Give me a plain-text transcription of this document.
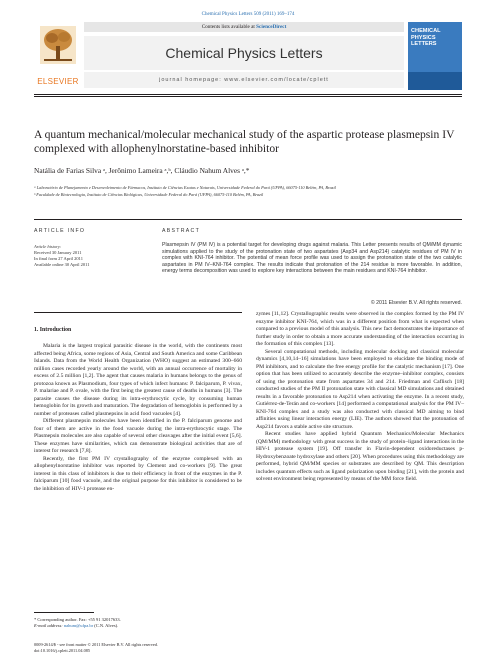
Chemical Physics Letters 509 (2011) 169–174
ELSEVIER
Contents lists available at ScienceDirect
Chemical Physics Letters
journal homepage: www.elsevier.com/locate/cplett
CHEMICAL PHYSICS LETTERS
A quantum mechanical/molecular mechanical study of the aspartic protease plasmepsin IV complexed with allophenylnorstatine-based inhibitor
Natália de Farias Silva ᵃ, Jerônimo Lameira ᵃ,ᵇ, Cláudio Nahum Alves ᵃ,*
ᵃ Laboratório de Planejamento e Desenvolvimento de Fármacos, Instituto de Ciências Exatas e Naturais, Universidade Federal do Pará (UFPA), 66075-110 Belém, PA, Brazil
ᵇ Faculdade de Biotecnologia, Instituto de Ciências Biológicas, Universidade Federal do Pará (UFPA), 66075-110 Belém, PA, Brazil
ARTICLE INFO
Article history:
Received 30 January 2011
In final form 27 April 2011
Available online 30 April 2011
ABSTRACT
Plasmepsin IV (PM IV) is a potential target for developing drugs against malaria. This Letter presents results of QM/MM dynamic simulations applied to the study of the protonation state of two aspartates (Asp34 and Asp214) catalytic residues of PM IV in complex with KNI-764 inhibitor. The potential of mean force profile was used to assign the protonation state of the two catalytic aspartates in PM IV–KNI-764 complex. The results indicate that protonation of the 214 residue is more favorable. In addition, energy terms decomposition was used to explore key interactions between the main residues and KNI-764 inhibitor.
© 2011 Elsevier B.V. All rights reserved.
1. Introduction

Malaria is the largest tropical parasitic disease in the world, with the continents most affected being Africa, some regions of Asia, Central and South America and some Caribbean Islands. Data from the World Health Organization (WHO) suggest an estimated 300–660 million cases recorded yearly around the world, with an annual occurrence of mortality in excess of 2.5 million [1,2]. The agent that causes malaria in humans belongs to the genus of protozoa known as Plasmodium, four types of which infect humans: P. falciparum, P. vivax, P. malariae and P. ovale, with the first being the greatest cause of deaths in humans [3]. The parasite causes the disease during its intra-erythrocytic cycle, by consuming human hemoglobin for its growth and maturation. The degradation of hemoglobin is performed by a number of proteases called plasmepsins in acid food vacuoles [4].

Different plasmepsin molecules have been identified in the P. falciparum genome and four of them are active in the food vacuole during the intra-erythrocytic stage. The Plasmepsin molecules are also capable of several other cleavages after the initial event [5,6]. These enzymes have similarities, which can demonstrate biological activities that are of interest for research [7,8].

Recently, the first PM IV crystallography of the enzyme complexed with an allophenylnorstatine inhibitor was reported by Clement and co-workers [9]. The great interest in this class of inhibitors is due to their efficiency in front of the enzymes in the P. falciparum [10] food vacuole, and the original purpose for this inhibitor is considered to be the inhibition of HIV-1 protease en-

zymes [11,12]. Crystallographic results were observed in the complex formed by the PM IV enzyme inhibitor KNI-764, which was in a different position from what is expected when compared to a previous model of this analysis. This new fact demonstrates the importance of further study in order to obtain a more accurate understanding of the interaction occurring in the formation of this complex [13].

Several computational methods, including molecular docking and classical molecular dynamics [4,10,14–16] simulations have been employed to elucidate the binding mode of PM inhibitors, and to calculate the free energy profile for the catalytic mechanism [17]. One option that has been utilized to accurately describe the enzyme–inhibitor complex, consists of using the protonation state from aspartates 34 and 214. Friedman and Caflisch [18] conducted studies of the PM II protonation state with classical MD simulations and obtained results in a favorable protonation to Asp214 when activating the enzyme. In a recent study, Gutiérrez-de-Terán and co-workers [14] performed a computational analysis for the PM IV–KNI-764 complex and a study was also conducted with classical MD aiming to bind affinities using linear interaction energy (LIE). The authors showed that the protonation of Asp214 favors a stable active site structure.

Recent studies have applied hybrid Quantum Mechanics/Molecular Mechanics (QM/MM) methodology with great success in the study of protein–ligand interactions in the HIV-1 protease system [19]. Off transfer in Flavin-dependent oxidoreductases p-Hydroxybenzoate hydroxylase and others [20]. When procedures using this methodology are performed, hybrid QM/MM species or substrates are described by QM. This description includes quantum effects such as ligand polarization upon binding [21], with the protein and solvent environment being represented by means of the MM force field.

* Corresponding author. Fax: +55 91 32017633.
E-mail address: nahum@ufpa.br (C.N. Alves).
0009-2614/$ - see front matter © 2011 Elsevier B.V. All rights reserved.
doi:10.1016/j.cplett.2011.04.085
